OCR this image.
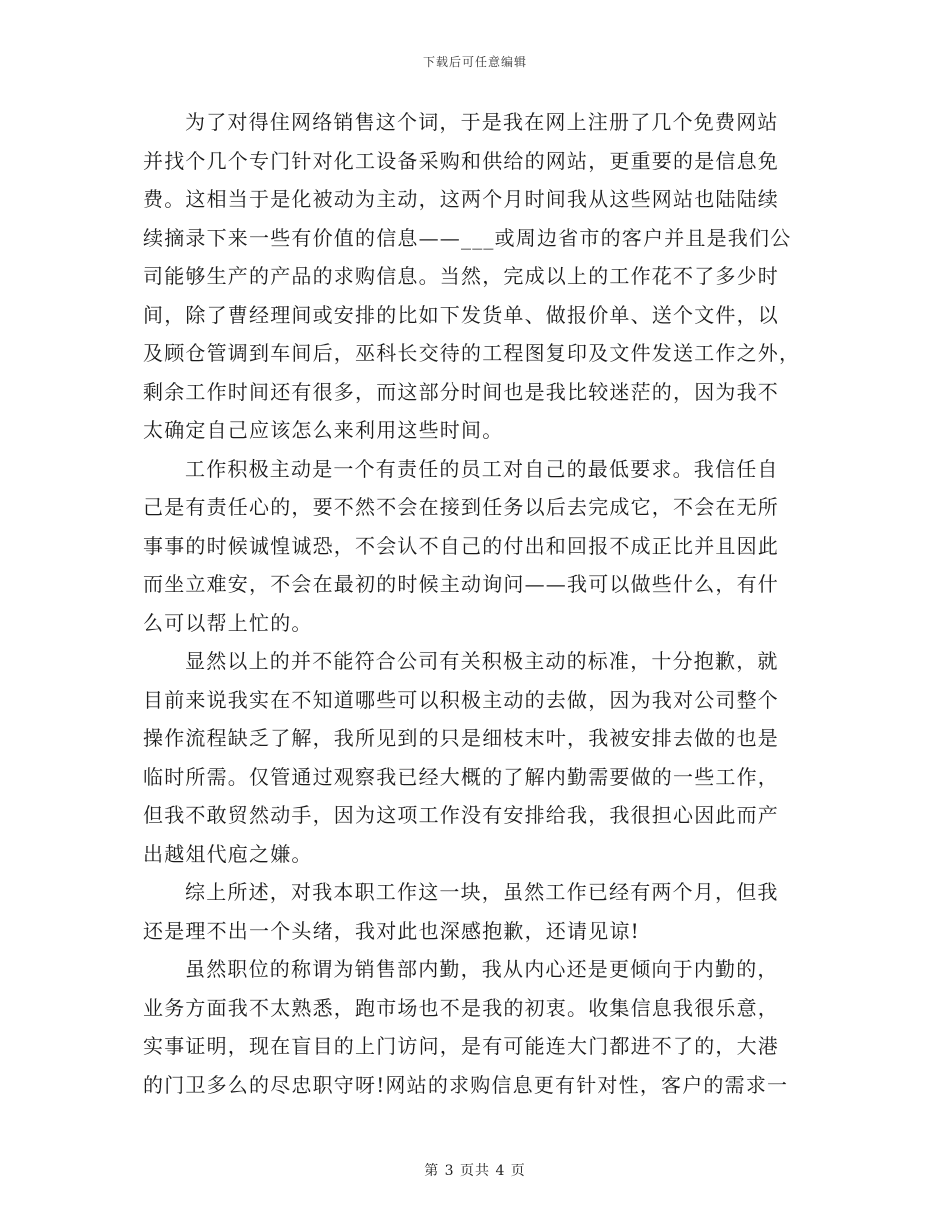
下载后可任意编辑
为了对得住网络销售这个词，于是我在网上注册了几个免费网站
并找个几个专门针对化工设备采购和供给的网站，更重要的是信息免
费。这相当于是化被动为主动，这两个月时间我从这些网站也陆陆续
续摘录下来一些有价值的信息——___或周边省市的客户并且是我们公
司能够生产的产品的求购信息。当然，完成以上的工作花不了多少时
间，除了曹经理间或安排的比如下发货单、做报价单、送个文件，以
及顾仓管调到车间后，巫科长交待的工程图复印及文件发送工作之外，
剩余工作时间还有很多，而这部分时间也是我比较迷茫的，因为我不
太确定自己应该怎么来利用这些时间。
工作积极主动是一个有责任的员工对自己的最低要求。我信任自
己是有责任心的，要不然不会在接到任务以后去完成它，不会在无所
事事的时候诚惶诚恐，不会认不自己的付出和回报不成正比并且因此
而坐立难安，不会在最初的时候主动询问——我可以做些什么，有什
么可以帮上忙的。
显然以上的并不能符合公司有关积极主动的标准，十分抱歉，就
目前来说我实在不知道哪些可以积极主动的去做，因为我对公司整个
操作流程缺乏了解，我所见到的只是细枝末叶，我被安排去做的也是
临时所需。仅管通过观察我已经大概的了解内勤需要做的一些工作，
但我不敢贸然动手，因为这项工作没有安排给我，我很担心因此而产
出越俎代庖之嫌。
综上所述，对我本职工作这一块，虽然工作已经有两个月，但我
还是理不出一个头绪，我对此也深感抱歉，还请见谅!
虽然职位的称谓为销售部内勤，我从内心还是更倾向于内勤的，
业务方面我不太熟悉，跑市场也不是我的初衷。收集信息我很乐意，
实事证明，现在盲目的上门访问，是有可能连大门都进不了的，大港
的门卫多么的尽忠职守呀!网站的求购信息更有针对性，客户的需求一
第 3 页共 4 页
